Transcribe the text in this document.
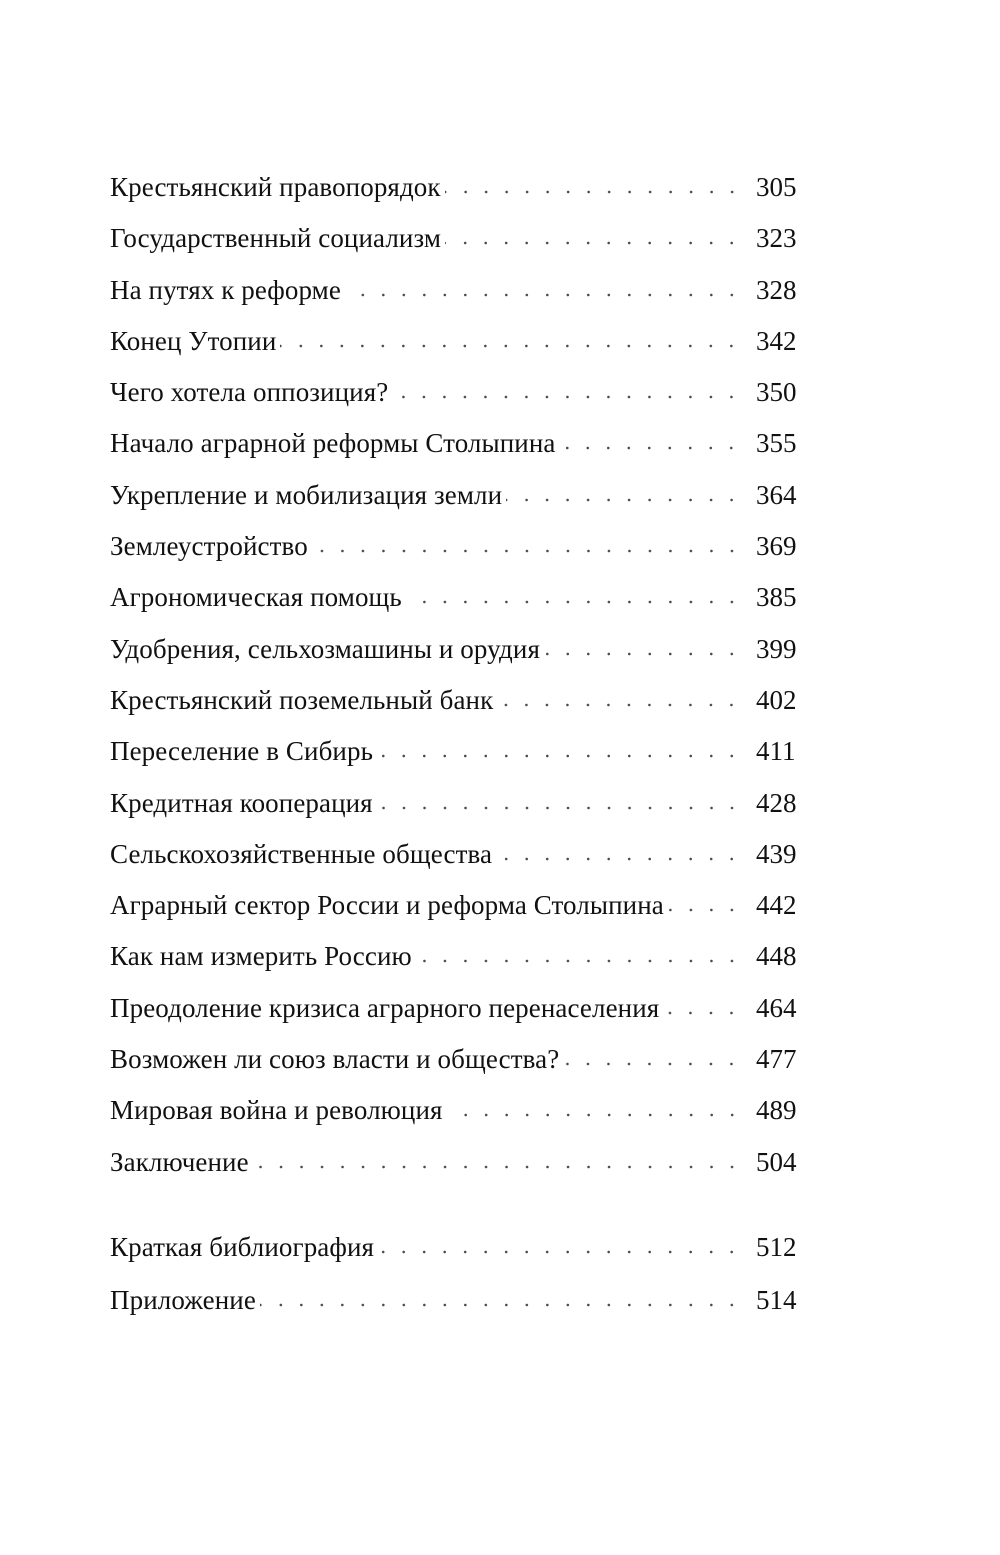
Крестьянский правопорядок	305
Государственный социализм	323
На путях к реформе	328
Конец Утопии	342
Чего хотела оппозиция?	350
Начало аграрной реформы Столыпина	355
Укрепление и мобилизация земли	364
Землеустройство	369
Агрономическая помощь	385
Удобрения, сельхозмашины и орудия	399
Крестьянский поземельный банк	402
Переселение в Сибирь	411
Кредитная кооперация	428
Сельскохозяйственные общества	439
Аграрный сектор России и реформа Столыпина	442
Как нам измерить Россию	448
Преодоление кризиса аграрного перенаселения	464
Возможен ли союз власти и общества?	477
Мировая война и революция	489
Заключение	504
Краткая библиография	512
Приложение	514
